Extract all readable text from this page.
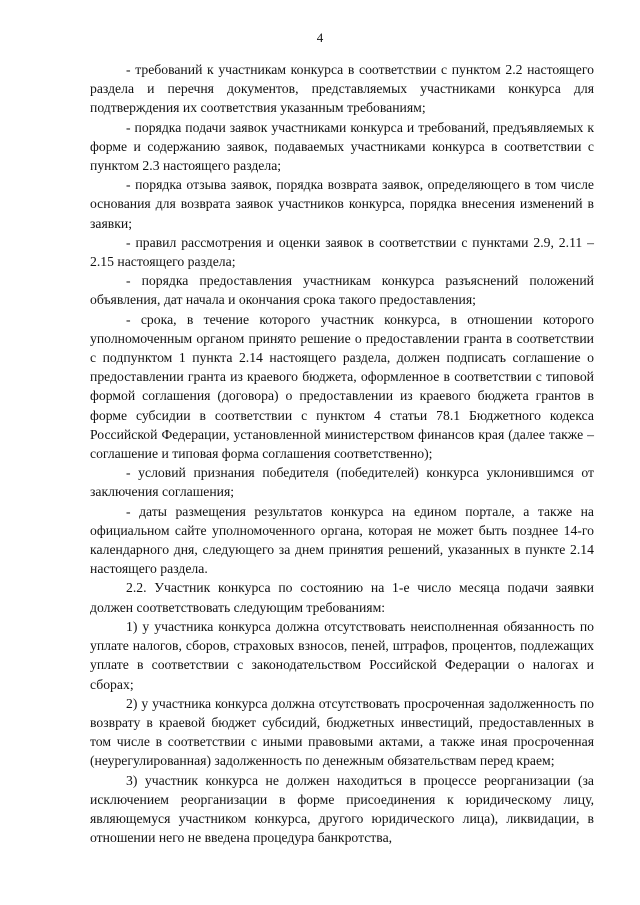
4

- требований к участникам конкурса в соответствии с пунктом 2.2 настоящего раздела и перечня документов, представляемых участниками конкурса для подтверждения их соответствия указанным требованиям;

- порядка подачи заявок участниками конкурса и требований, предъявляемых к форме и содержанию заявок, подаваемых участниками конкурса в соответствии с пунктом 2.3 настоящего раздела;

- порядка отзыва заявок, порядка возврата заявок, определяющего в том числе основания для возврата заявок участников конкурса, порядка внесения изменений в заявки;

- правил рассмотрения и оценки заявок в соответствии с пунктами 2.9, 2.11 – 2.15 настоящего раздела;

- порядка предоставления участникам конкурса разъяснений положений объявления, дат начала и окончания срока такого предоставления;

- срока, в течение которого участник конкурса, в отношении которого уполномоченным органом принято решение о предоставлении гранта в соответствии с подпунктом 1 пункта 2.14 настоящего раздела, должен подписать соглашение о предоставлении гранта из краевого бюджета, оформленное в соответствии с типовой формой соглашения (договора) о предоставлении из краевого бюджета грантов в форме субсидии в соответствии с пунктом 4 статьи 78.1 Бюджетного кодекса Российской Федерации, установленной министерством финансов края (далее также – соглашение и типовая форма соглашения соответственно);

- условий признания победителя (победителей) конкурса уклонившимся от заключения соглашения;

- даты размещения результатов конкурса на едином портале, а также на официальном сайте уполномоченного органа, которая не может быть позднее 14-го календарного дня, следующего за днем принятия решений, указанных в пункте 2.14 настоящего раздела.

2.2. Участник конкурса по состоянию на 1-е число месяца подачи заявки должен соответствовать следующим требованиям:

1) у участника конкурса должна отсутствовать неисполненная обязанность по уплате налогов, сборов, страховых взносов, пеней, штрафов, процентов, подлежащих уплате в соответствии с законодательством Российской Федерации о налогах и сборах;

2) у участника конкурса должна отсутствовать просроченная задолженность по возврату в краевой бюджет субсидий, бюджетных инвестиций, предоставленных в том числе в соответствии с иными правовыми актами, а также иная просроченная (неурегулированная) задолженность по денежным обязательствам перед краем;

3) участник конкурса не должен находиться в процессе реорганизации (за исключением реорганизации в форме присоединения к юридическому лицу, являющемуся участником конкурса, другого юридического лица), ликвидации, в отношении него не введена процедура банкротства,
